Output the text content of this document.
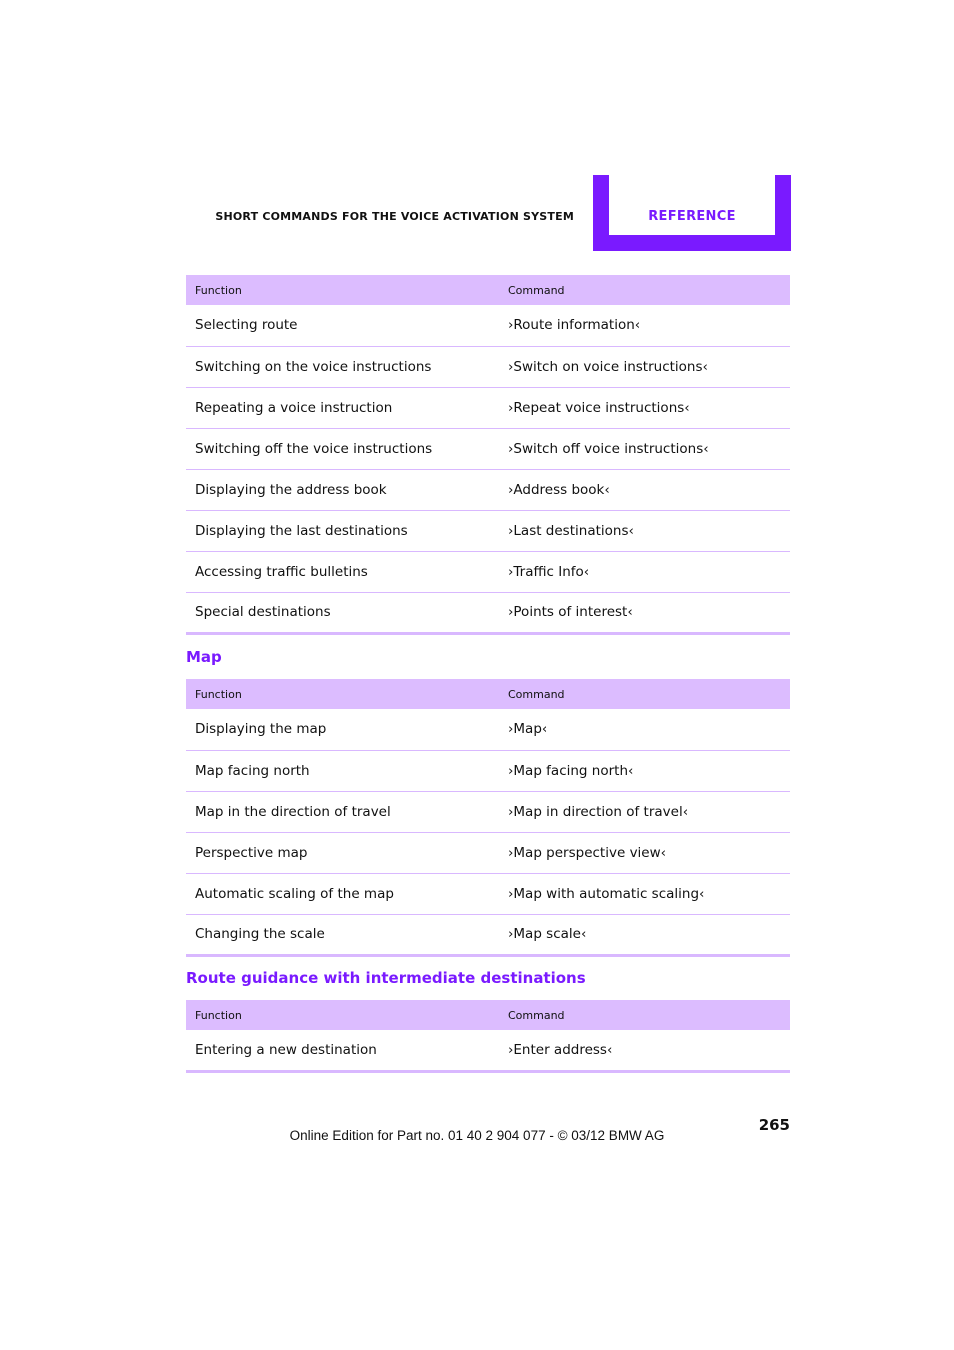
SHORT COMMANDS FOR THE VOICE ACTIVATION SYSTEM	REFERENCE
Function	Command
Selecting route	›Route information‹
Switching on the voice instructions	›Switch on voice instructions‹
Repeating a voice instruction	›Repeat voice instructions‹
Switching off the voice instructions	›Switch off voice instructions‹
Displaying the address book	›Address book‹
Displaying the last destinations	›Last destinations‹
Accessing traffic bulletins	›Traffic Info‹
Special destinations	›Points of interest‹
Map
Function	Command
Displaying the map	›Map‹
Map facing north	›Map facing north‹
Map in the direction of travel	›Map in direction of travel‹
Perspective map	›Map perspective view‹
Automatic scaling of the map	›Map with automatic scaling‹
Changing the scale	›Map scale‹
Route guidance with intermediate destinations
Function	Command
Entering a new destination	›Enter address‹
265
Online Edition for Part no. 01 40 2 904 077 - © 03/12 BMW AG
